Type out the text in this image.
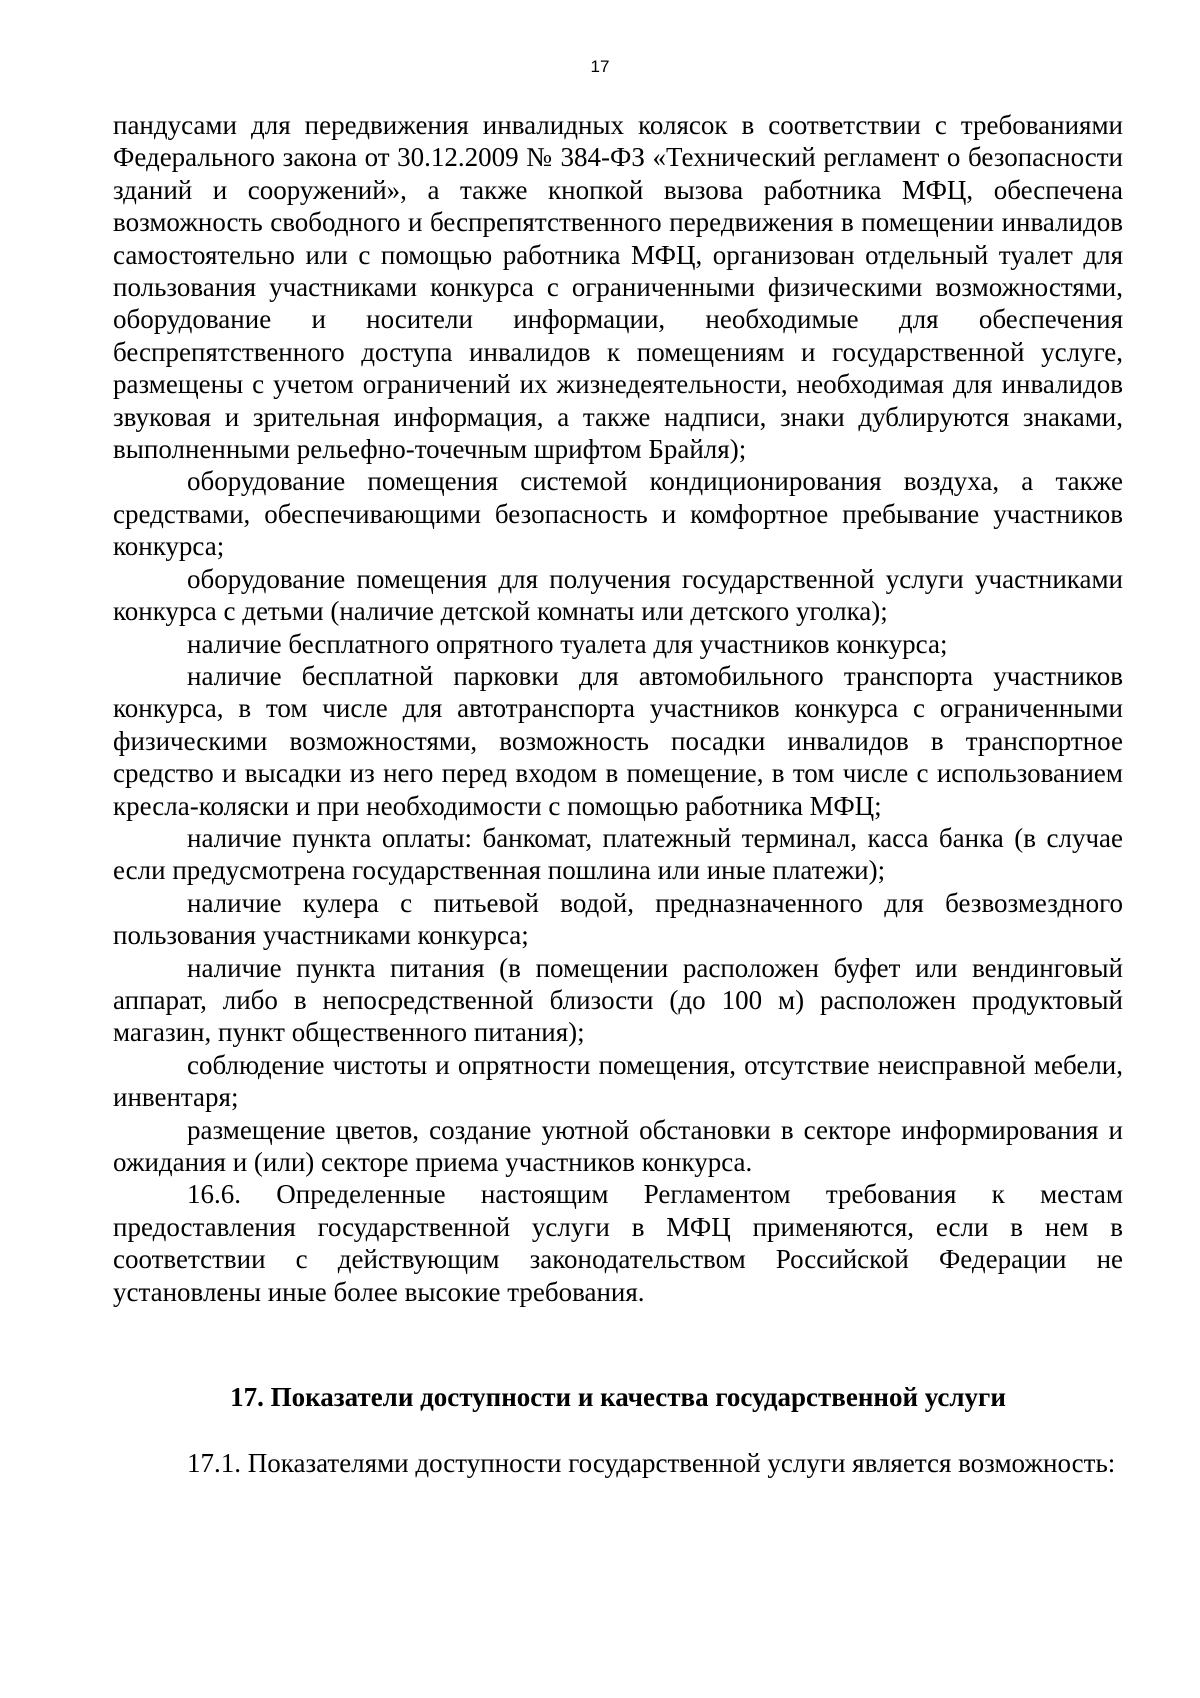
17

пандусами для передвижения инвалидных колясок в соответствии с требованиями Федерального закона от 30.12.2009 № 384-ФЗ «Технический регламент о безопасности зданий и сооружений», а также кнопкой вызова работника МФЦ, обеспечена возможность свободного и беспрепятственного передвижения в помещении инвалидов самостоятельно или с помощью работника МФЦ, организован отдельный туалет для пользования участниками конкурса с ограниченными физическими возможностями, оборудование и носители информации, необходимые для обеспечения беспрепятственного доступа инвалидов к помещениям и государственной услуге, размещены с учетом ограничений их жизнедеятельности, необходимая для инвалидов звуковая и зрительная информация, а также надписи, знаки дублируются знаками, выполненными рельефно-точечным шрифтом Брайля);

оборудование помещения системой кондиционирования воздуха, а также средствами, обеспечивающими безопасность и комфортное пребывание участников конкурса;

оборудование помещения для получения государственной услуги участниками конкурса с детьми (наличие детской комнаты или детского уголка);

наличие бесплатного опрятного туалета для участников конкурса;

наличие бесплатной парковки для автомобильного транспорта участников конкурса, в том числе для автотранспорта участников конкурса с ограниченными физическими возможностями, возможность посадки инвалидов в транспортное средство и высадки из него перед входом в помещение, в том числе с использованием кресла-коляски и при необходимости с помощью работника МФЦ;

наличие пункта оплаты: банкомат, платежный терминал, касса банка (в случае если предусмотрена государственная пошлина или иные платежи);

наличие кулера с питьевой водой, предназначенного для безвозмездного пользования участниками конкурса;

наличие пункта питания (в помещении расположен буфет или вендинговый аппарат, либо в непосредственной близости (до 100 м) расположен продуктовый магазин, пункт общественного питания);

соблюдение чистоты и опрятности помещения, отсутствие неисправной мебели, инвентаря;

размещение цветов, создание уютной обстановки в секторе информирования и ожидания и (или) секторе приема участников конкурса.

16.6. Определенные настоящим Регламентом требования к местам предоставления государственной услуги в МФЦ применяются, если в нем в соответствии с действующим законодательством Российской Федерации не установлены иные более высокие требования.

17. Показатели доступности и качества государственной услуги

17.1. Показателями доступности государственной услуги является возможность:
